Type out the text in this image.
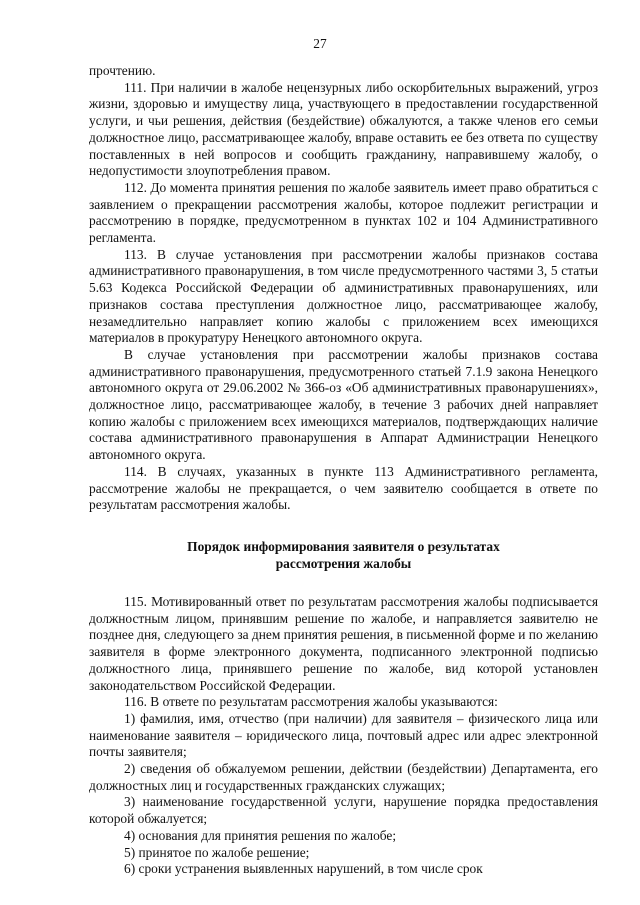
27

прочтению.

111. При наличии в жалобе нецензурных либо оскорбительных выражений, угроз жизни, здоровью и имуществу лица, участвующего в предоставлении государственной услуги, и чьи решения, действия (бездействие) обжалуются, а также членов его семьи должностное лицо, рассматривающее жалобу, вправе оставить ее без ответа по существу поставленных в ней вопросов и сообщить гражданину, направившему жалобу, о недопустимости злоупотребления правом.

112. До момента принятия решения по жалобе заявитель имеет право обратиться с заявлением о прекращении рассмотрения жалобы, которое подлежит регистрации и рассмотрению в порядке, предусмотренном в пунктах 102 и 104 Административного регламента.

113. В случае установления при рассмотрении жалобы признаков состава административного правонарушения, в том числе предусмотренного частями 3, 5 статьи 5.63 Кодекса Российской Федерации об административных правонарушениях, или признаков состава преступления должностное лицо, рассматривающее жалобу, незамедлительно направляет копию жалобы с приложением всех имеющихся материалов в прокуратуру Ненецкого автономного округа.

В случае установления при рассмотрении жалобы признаков состава административного правонарушения, предусмотренного статьей 7.1.9 закона Ненецкого автономного округа от 29.06.2002 № 366-оз «Об административных правонарушениях», должностное лицо, рассматривающее жалобу, в течение 3 рабочих дней направляет копию жалобы с приложением всех имеющихся материалов, подтверждающих наличие состава административного правонарушения в Аппарат Администрации Ненецкого автономного округа.

114. В случаях, указанных в пункте 113 Административного регламента, рассмотрение жалобы не прекращается, о чем заявителю сообщается в ответе по результатам рассмотрения жалобы.

Порядок информирования заявителя о результатах
рассмотрения жалобы

115. Мотивированный ответ по результатам рассмотрения жалобы подписывается должностным лицом, принявшим решение по жалобе, и направляется заявителю не позднее дня, следующего за днем принятия решения, в письменной форме и по желанию заявителя в форме электронного документа, подписанного электронной подписью должностного лица, принявшего решение по жалобе, вид которой установлен законодательством Российской Федерации.

116. В ответе по результатам рассмотрения жалобы указываются:

1) фамилия, имя, отчество (при наличии) для заявителя – физического лица или наименование заявителя – юридического лица, почтовый адрес или адрес электронной почты заявителя;

2) сведения об обжалуемом решении, действии (бездействии) Департамента, его должностных лиц и государственных гражданских служащих;

3) наименование государственной услуги, нарушение порядка предоставления которой обжалуется;

4) основания для принятия решения по жалобе;

5) принятое по жалобе решение;

6) сроки устранения выявленных нарушений, в том числе срок
